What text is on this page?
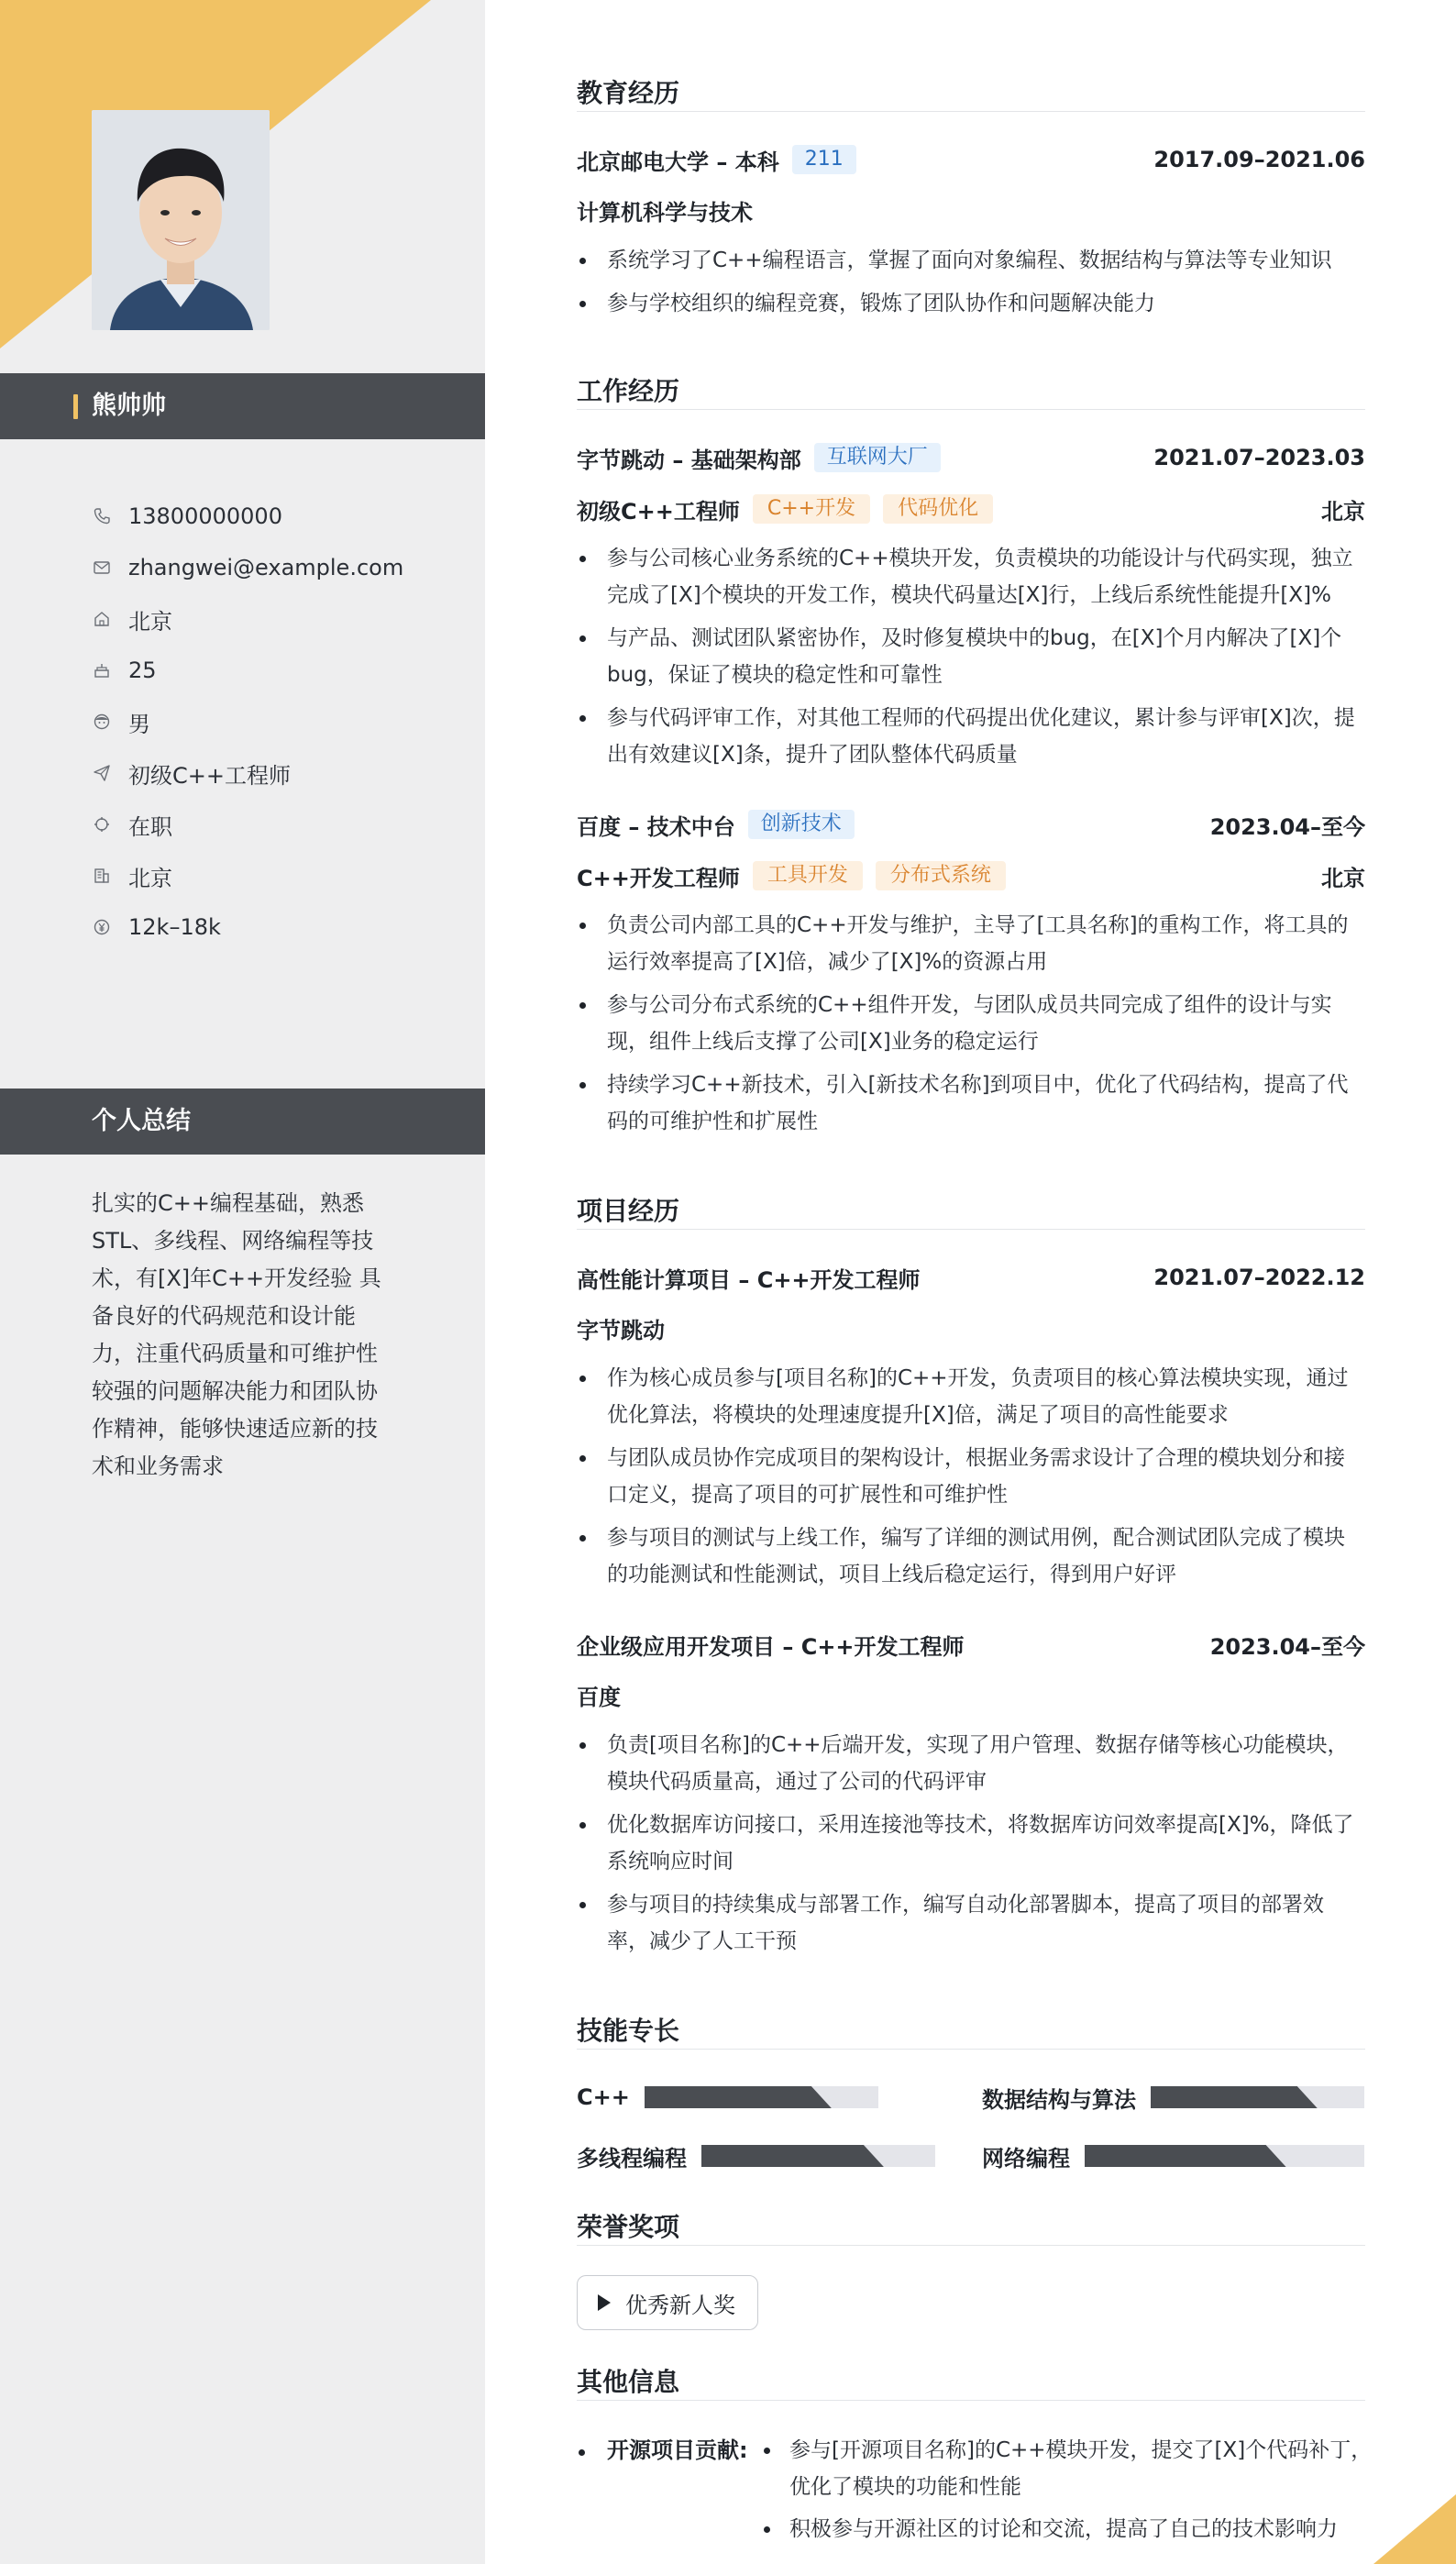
熊帅帅
13800000000
zhangwei@example.com
北京
25
男
初级C++工程师
在职
北京
12k–18k
个人总结
扎实的C++编程基础，熟悉STL、多线程、网络编程等技术，有[X]年C++开发经验 具备良好的代码规范和设计能力，注重代码质量和可维护性 较强的问题解决能力和团队协作精神，能够快速适应新的技术和业务需求
教育经历
北京邮电大学 – 本科	211	2017.09–2021.06
计算机科学与技术
系统学习了C++编程语言，掌握了面向对象编程、数据结构与算法等专业知识
参与学校组织的编程竞赛，锻炼了团队协作和问题解决能力
工作经历
字节跳动 – 基础架构部	互联网大厂	2021.07–2023.03
初级C++工程师	C++开发	代码优化	北京
参与公司核心业务系统的C++模块开发，负责模块的功能设计与代码实现，独立完成了[X]个模块的开发工作，模块代码量达[X]行，上线后系统性能提升[X]%
与产品、测试团队紧密协作，及时修复模块中的bug，在[X]个月内解决了[X]个bug，保证了模块的稳定性和可靠性
参与代码评审工作，对其他工程师的代码提出优化建议，累计参与评审[X]次，提出有效建议[X]条，提升了团队整体代码质量
百度 – 技术中台	创新技术	2023.04–至今
C++开发工程师	工具开发	分布式系统	北京
负责公司内部工具的C++开发与维护，主导了[工具名称]的重构工作，将工具的运行效率提高了[X]倍，减少了[X]%的资源占用
参与公司分布式系统的C++组件开发，与团队成员共同完成了组件的设计与实现，组件上线后支撑了公司[X]业务的稳定运行
持续学习C++新技术，引入[新技术名称]到项目中，优化了代码结构，提高了代码的可维护性和扩展性
项目经历
高性能计算项目 – C++开发工程师	2021.07–2022.12
字节跳动
作为核心成员参与[项目名称]的C++开发，负责项目的核心算法模块实现，通过优化算法，将模块的处理速度提升[X]倍，满足了项目的高性能要求
与团队成员协作完成项目的架构设计，根据业务需求设计了合理的模块划分和接口定义，提高了项目的可扩展性和可维护性
参与项目的测试与上线工作，编写了详细的测试用例，配合测试团队完成了模块的功能测试和性能测试，项目上线后稳定运行，得到用户好评
企业级应用开发项目 – C++开发工程师	2023.04–至今
百度
负责[项目名称]的C++后端开发，实现了用户管理、数据存储等核心功能模块，模块代码质量高，通过了公司的代码评审
优化数据库访问接口，采用连接池等技术，将数据库访问效率提高[X]%，降低了系统响应时间
参与项目的持续集成与部署工作，编写自动化部署脚本，提高了项目的部署效率，减少了人工干预
技能专长
C++	数据结构与算法
多线程编程	网络编程
荣誉奖项
优秀新人奖
其他信息
开源项目贡献:	参与[开源项目名称]的C++模块开发，提交了[X]个代码补丁，优化了模块的功能和性能
积极参与开源社区的讨论和交流，提高了自己的技术影响力
